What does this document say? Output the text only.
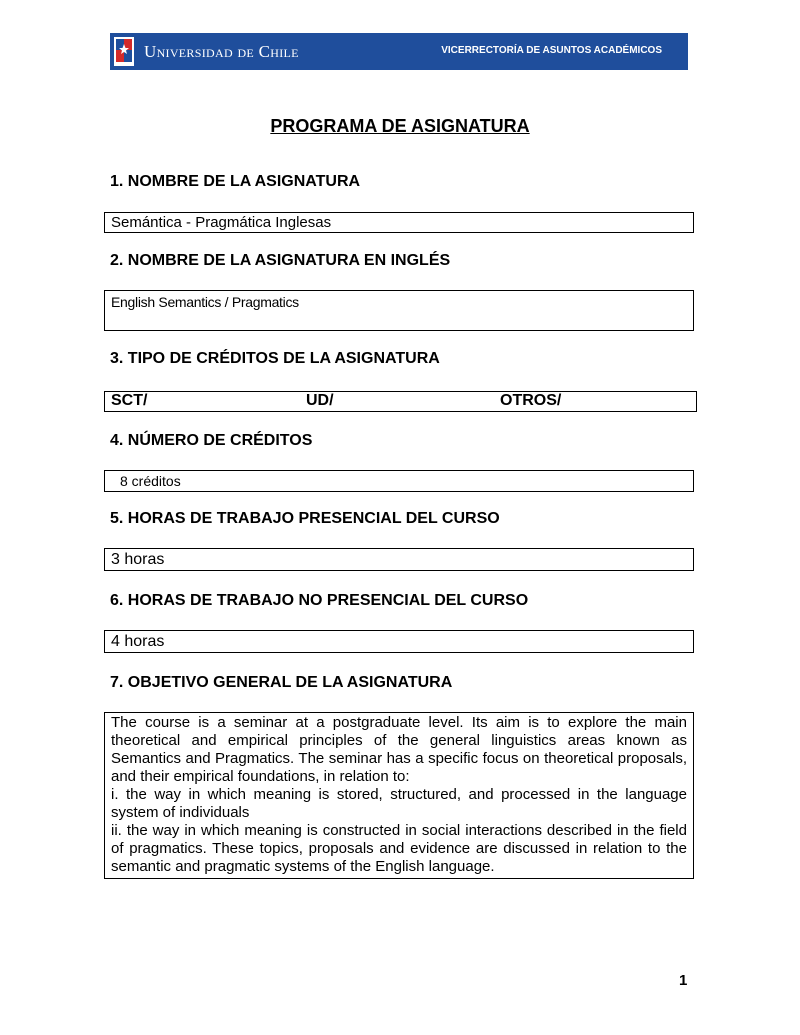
Universidad de Chile	VICERRECTORÍA DE ASUNTOS ACADÉMICOS
PROGRAMA DE ASIGNATURA
1. NOMBRE DE LA ASIGNATURA
Semántica - Pragmática Inglesas
2. NOMBRE DE LA ASIGNATURA EN INGLÉS
English Semantics / Pragmatics
3. TIPO DE CRÉDITOS DE LA ASIGNATURA
SCT/	UD/	OTROS/
4. NÚMERO DE CRÉDITOS
8 créditos
5. HORAS DE TRABAJO PRESENCIAL DEL CURSO
3 horas
6. HORAS DE TRABAJO NO PRESENCIAL DEL CURSO
4 horas
7. OBJETIVO GENERAL DE LA ASIGNATURA
The course is a seminar at a postgraduate level. Its aim is to explore the main theoretical and empirical principles of the general linguistics areas known as Semantics and Pragmatics. The seminar has a specific focus on theoretical proposals, and their empirical foundations, in relation to:
i. the way in which meaning is stored, structured, and processed in the language system of individuals
ii. the way in which meaning is constructed in social interactions described in the field of pragmatics. These topics, proposals and evidence are discussed in relation to the semantic and pragmatic systems of the English language.
1
